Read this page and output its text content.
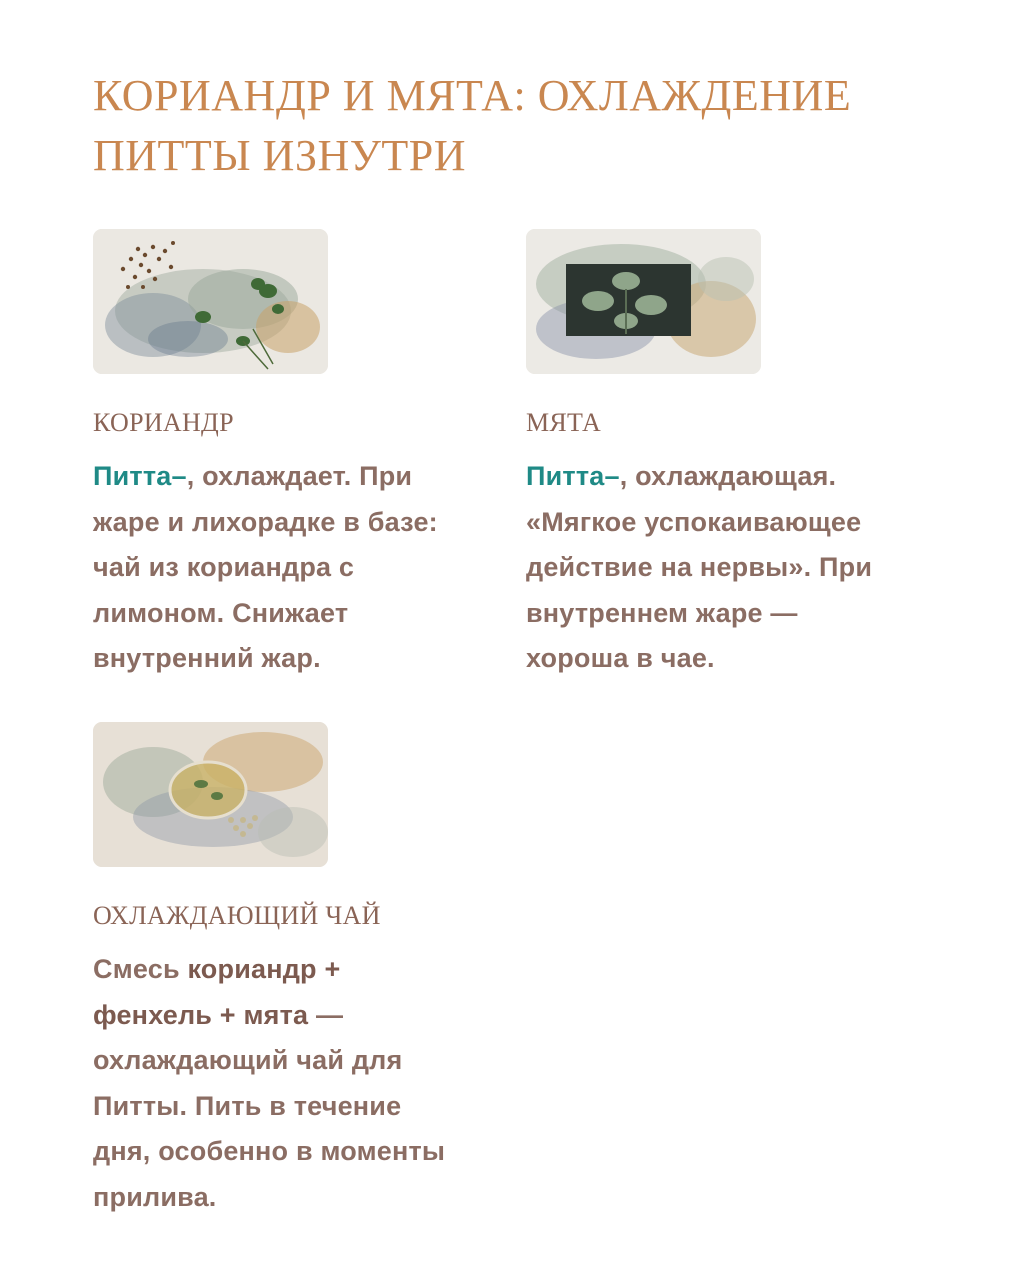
КОРИАНДР И МЯТА: ОХЛАЖДЕНИЕ
ПИТТЫ ИЗНУТРИ
КОРИАНДР
Питта–, охлаждает. При
жаре и лихорадке в базе:
чай из кориандра с
лимоном. Снижает
внутренний жар.
МЯТА
Питта–, охлаждающая.
«Мягкое успокаивающее
действие на нервы». При
внутреннем жаре —
хороша в чае.
ОХЛАЖДАЮЩИЙ ЧАЙ
Смесь кориандр +
фенхель + мята —
охлаждающий чай для
Питты. Пить в течение
дня, особенно в моменты
прилива.
